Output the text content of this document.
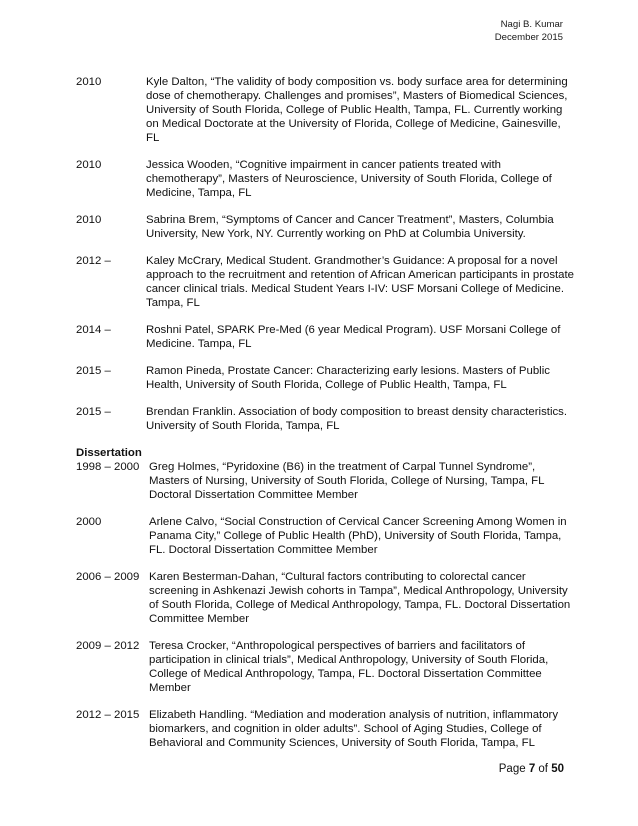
Nagi B. Kumar
December 2015
2010	Kyle Dalton, “The validity of body composition vs. body surface area for determining dose of chemotherapy. Challenges and promises”, Masters of Biomedical Sciences, University of South Florida, College of Public Health, Tampa, FL. Currently working on Medical Doctorate at the University of Florida, College of Medicine, Gainesville, FL
2010	Jessica Wooden, “Cognitive impairment in cancer patients treated with chemotherapy”, Masters of Neuroscience, University of South Florida, College of Medicine, Tampa, FL
2010	Sabrina Brem, “Symptoms of Cancer and Cancer Treatment”, Masters, Columbia University, New York, NY. Currently working on PhD at Columbia University.
2012 –	Kaley McCrary, Medical Student. Grandmother’s Guidance: A proposal for a novel approach to the recruitment and retention of African American participants in prostate cancer clinical trials. Medical Student Years I-IV: USF Morsani College of Medicine. Tampa, FL
2014 –	Roshni Patel, SPARK Pre-Med (6 year Medical Program). USF Morsani College of Medicine. Tampa, FL
2015 –	Ramon Pineda, Prostate Cancer: Characterizing early lesions. Masters of Public Health, University of South Florida, College of Public Health, Tampa, FL
2015 –	Brendan Franklin. Association of body composition to breast density characteristics. University of South Florida, Tampa, FL
Dissertation
1998 – 2000 Greg Holmes, “Pyridoxine (B6) in the treatment of Carpal Tunnel Syndrome”, Masters of Nursing, University of South Florida, College of Nursing, Tampa, FL Doctoral Dissertation Committee Member
2000	Arlene Calvo, “Social Construction of Cervical Cancer Screening Among Women in Panama City,” College of Public Health (PhD), University of South Florida, Tampa, FL. Doctoral Dissertation Committee Member
2006 – 2009 Karen Besterman-Dahan, “Cultural factors contributing to colorectal cancer screening in Ashkenazi Jewish cohorts in Tampa”, Medical Anthropology, University of South Florida, College of Medical Anthropology, Tampa, FL. Doctoral Dissertation Committee Member
2009 – 2012 Teresa Crocker, “Anthropological perspectives of barriers and facilitators of participation in clinical trials”, Medical Anthropology, University of South Florida, College of Medical Anthropology, Tampa, FL. Doctoral Dissertation Committee Member
2012 – 2015 Elizabeth Handling. “Mediation and moderation analysis of nutrition, inflammatory biomarkers, and cognition in older adults”. School of Aging Studies, College of Behavioral and Community Sciences, University of South Florida, Tampa, FL
Page 7 of 50
